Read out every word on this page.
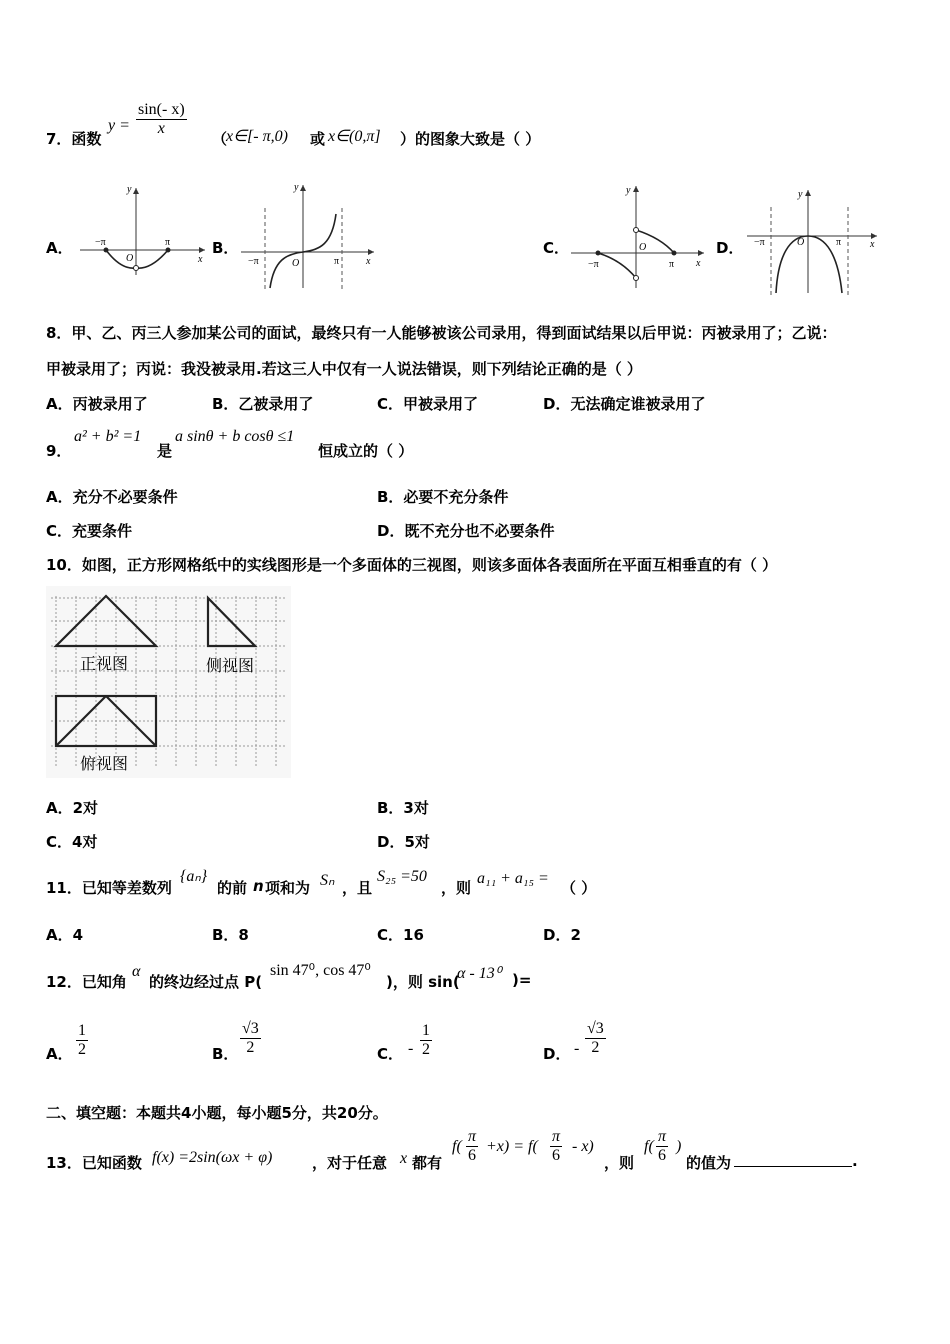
7．函数
$y = \frac{\sin(- x)}{x}$
（
x∈[- π,0) 或 x∈(0,π] ）的图象大致是（ ）
A．	B．	C．	D．
−π	π
O	x
y
−π	π
O	x
y
−π	π
O
x
y
−π	π
O	x
y
8．甲、乙、丙三人参加某公司的面试，最终只有一人能够被该公司录用，得到面试结果以后甲说：丙被录用了；乙说：
甲被录用了；丙说：我没被录用.若这三人中仅有一人说法错误，则下列结论正确的是（ ）
A．丙被录用了	B．乙被录用了	C．甲被录用了	D．无法确定谁被录用了
9．
a² + b² =1
是
a sinθ + b cosθ ≤1
恒成立的（ ）
A．充分不必要条件	B．必要不充分条件
C．充要条件	D．既不充分也不必要条件
10．如图，正方形网格纸中的实线图形是一个多面体的三视图，则该多面体各表面所在平面互相垂直的有（ ）
正视图	侧视图
俯视图
A．2对	B．3对
C．4对	D．5对
11．已知等差数列
{aₙ}
的前 n 项和为 Sₙ ，且
S₂₅ =50
，则
a₁₁ + a₁₅ =
（ ）
A．4	B．8	C．16	D．2
12．已知角
α
的终边经过点 P(
sin 47⁰, cos 47⁰
)，则 sin(
α - 13⁰ )=
A． $\frac{1}{2}$	B． $\frac{√3}{2}$	C． - $\frac{1}{2}$	D． - $\frac{√3}{2}$
二、填空题：本题共4小题，每小题5分，共20分。
13．已知函数 f(x) =2sin(ωx + φ)	，对于任意 x 都有
$f( \frac{\pi}{6} +x) = f( \frac{\pi}{6} - x)$
，则
$f( \frac{\pi}{6}$ )
的值为	.
